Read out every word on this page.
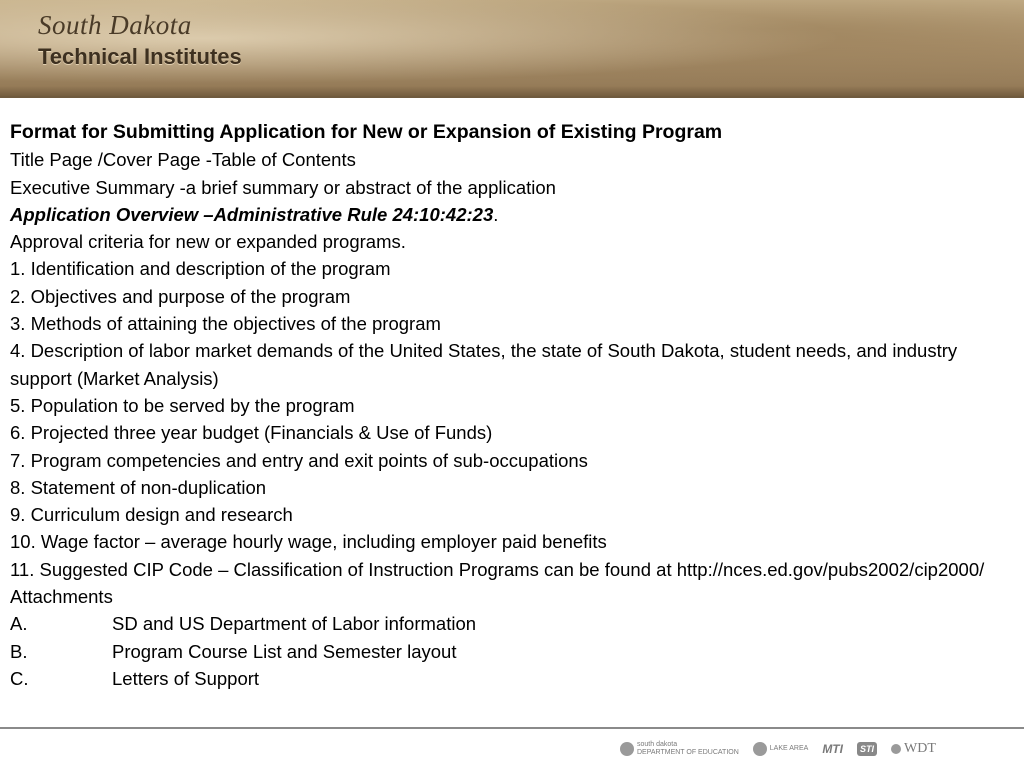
South Dakota
Technical Institutes

Format for Submitting Application for New or Expansion of Existing Program

Title Page /Cover Page -Table of Contents

Executive Summary -a brief summary or abstract of the application

Application Overview –Administrative Rule 24:10:42:23.

Approval criteria for new or expanded programs.

1. Identification and description of the program

2. Objectives and purpose of the program

3. Methods of attaining the objectives of the program

4. Description of labor market demands of the United States, the state of South Dakota, student needs, and industry support (Market Analysis)

5. Population to be served by the program

6. Projected three year budget (Financials & Use of Funds)

7. Program competencies and entry and exit points of sub-occupations

8. Statement of non-duplication

9. Curriculum design and research

10. Wage factor – average hourly wage, including employer paid benefits

11. Suggested CIP Code – Classification of Instruction Programs can be found at http://nces.ed.gov/pubs2002/cip2000/

Attachments

A.	SD and US Department of Labor information

B.	Program Course List and Semester layout

C.	Letters of Support

south dakota
DEPARTMENT OF EDUCATION
LAKE AREA MTI	STI WDT
